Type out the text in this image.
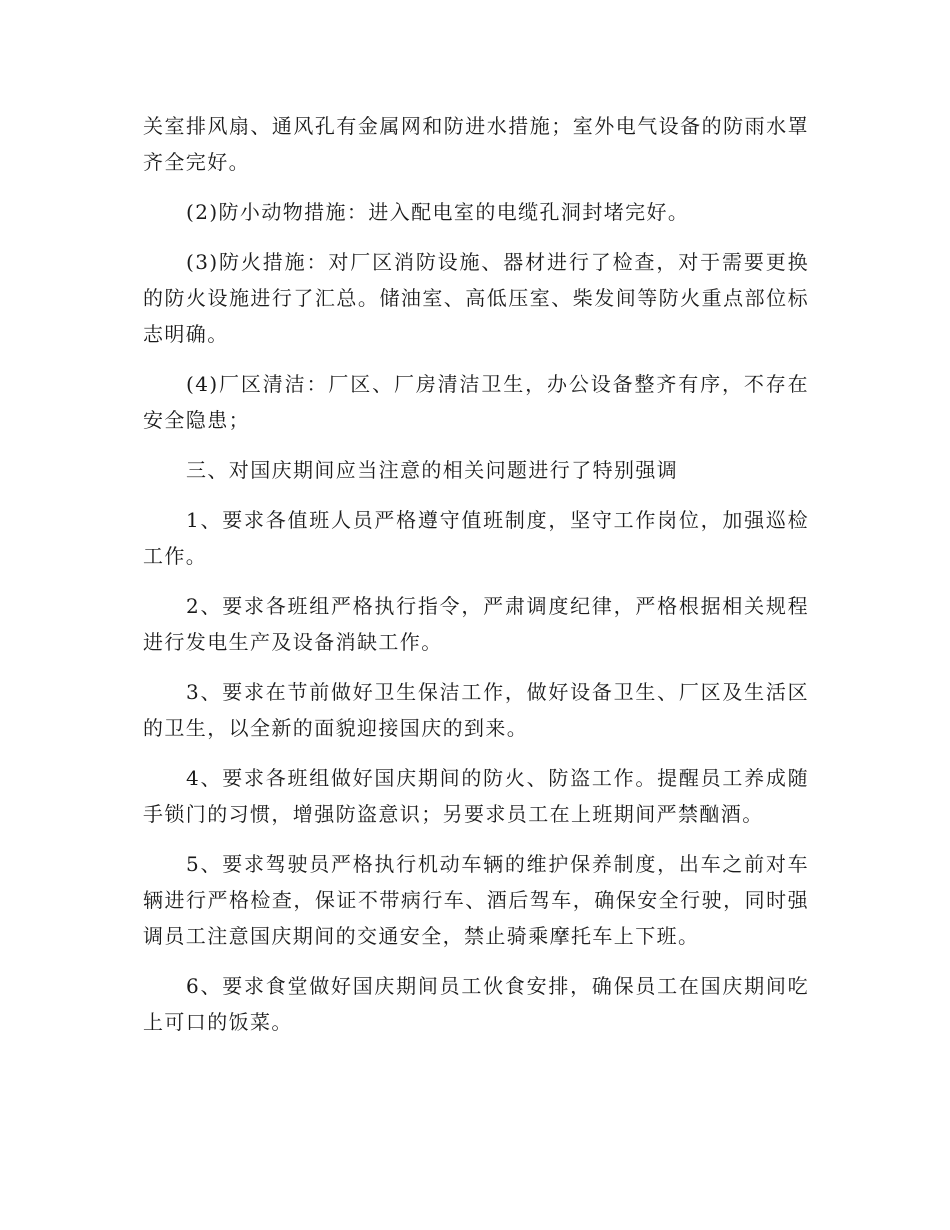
关室排风扇、通风孔有金属网和防进水措施；室外电气设备的防雨水罩齐全完好。

(2)防小动物措施：进入配电室的电缆孔洞封堵完好。

(3)防火措施：对厂区消防设施、器材进行了检查，对于需要更换的防火设施进行了汇总。储油室、高低压室、柴发间等防火重点部位标志明确。

(4)厂区清洁：厂区、厂房清洁卫生，办公设备整齐有序，不存在安全隐患；

三、对国庆期间应当注意的相关问题进行了特别强调

1、要求各值班人员严格遵守值班制度，坚守工作岗位，加强巡检工作。

2、要求各班组严格执行指令，严肃调度纪律，严格根据相关规程进行发电生产及设备消缺工作。

3、要求在节前做好卫生保洁工作，做好设备卫生、厂区及生活区的卫生，以全新的面貌迎接国庆的到来。

4、要求各班组做好国庆期间的防火、防盗工作。提醒员工养成随手锁门的习惯，增强防盗意识；另要求员工在上班期间严禁酗酒。

5、要求驾驶员严格执行机动车辆的维护保养制度，出车之前对车辆进行严格检查，保证不带病行车、酒后驾车，确保安全行驶，同时强调员工注意国庆期间的交通安全，禁止骑乘摩托车上下班。

6、要求食堂做好国庆期间员工伙食安排，确保员工在国庆期间吃上可口的饭菜。
